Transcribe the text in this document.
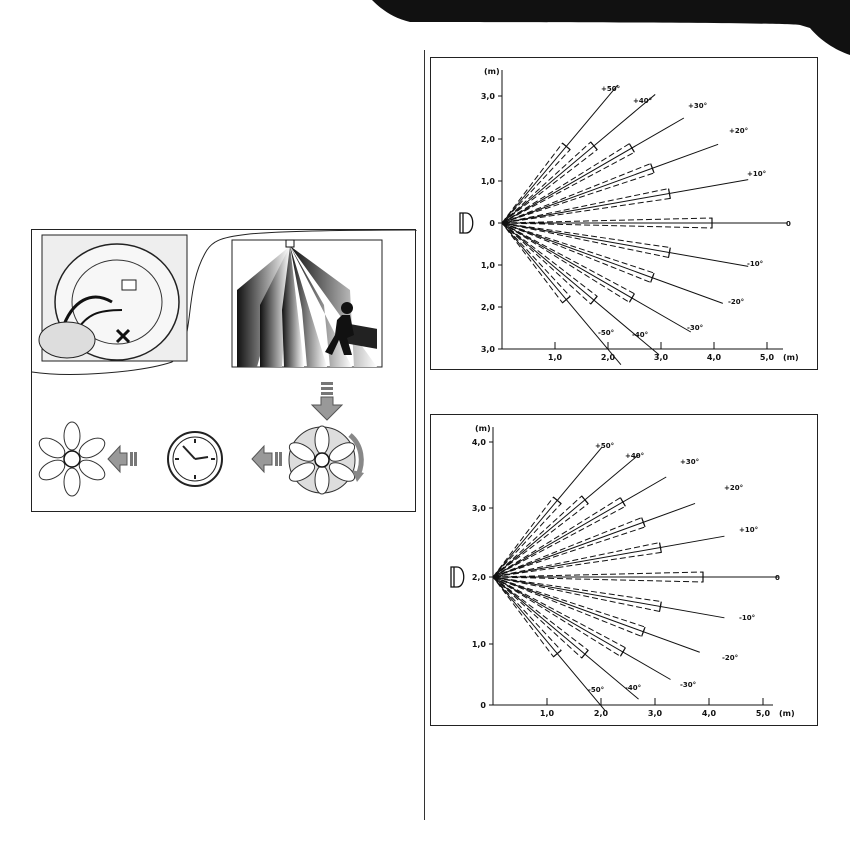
(m)
3,0
2,0
1,0
0
1,0
2,0
3,0
1,0	2,0	3,0	4,0	5,0 (m)
+50°
+40°
+30°
+20°
+10°
0
-10°
-20°
-30°
-40°
-50°
(m)
4,0
3,0
2,0
1,0
0
1,0	2,0	3,0	4,0	5,0 (m)
+50°
+40°
+30°
+20°
+10°
0
-10°
-20°
-30°
-40°
-50°
